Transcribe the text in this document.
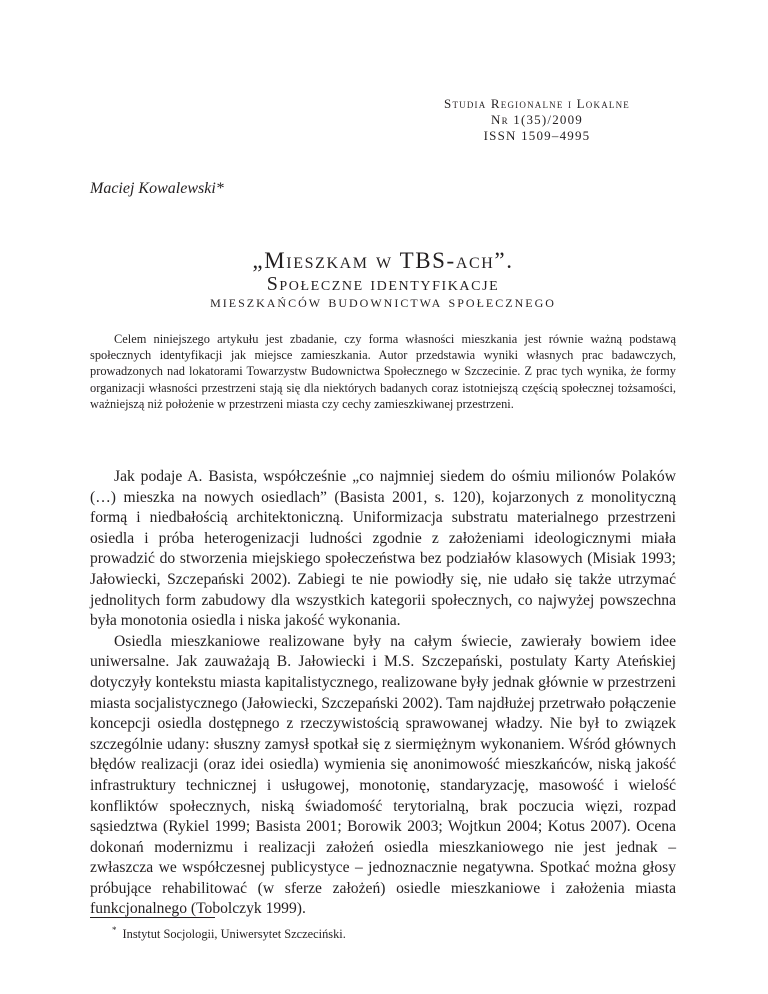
Studia Regionalne i Lokalne
Nr 1(35)/2009
ISSN 1509–4995
Maciej Kowalewski*
„Mieszkam w TBS-ach”.
Społeczne identyfikacje
mieszkańców budownictwa społecznego

Celem niniejszego artykułu jest zbadanie, czy forma własności mieszkania jest równie ważną podstawą społecznych identyfikacji jak miejsce zamieszkania. Autor przedstawia wyniki własnych prac badawczych, prowadzonych nad lokatorami Towarzystw Budownictwa Społecznego w Szczecinie. Z prac tych wynika, że formy organizacji własności przestrzeni stają się dla niektórych badanych coraz istotniejszą częścią społecznej tożsamości, ważniejszą niż położenie w przestrzeni miasta czy cechy zamieszkiwanej przestrzeni.

Jak podaje A. Basista, współcześnie „co najmniej siedem do ośmiu milionów Polaków (…) mieszka na nowych osiedlach” (Basista 2001, s. 120), kojarzonych z monolityczną formą i niedbałością architektoniczną. Uniformizacja substratu materialnego przestrzeni osiedla i próba heterogenizacji ludności zgodnie z założeniami ideologicznymi miała prowadzić do stworzenia miejskiego społeczeństwa bez podziałów klasowych (Misiak 1993; Jałowiecki, Szczepański 2002). Zabiegi te nie powiodły się, nie udało się także utrzymać jednolitych form zabudowy dla wszystkich kategorii społecznych, co najwyżej powszechna była monotonia osiedla i niska jakość wykonania.

Osiedla mieszkaniowe realizowane były na całym świecie, zawierały bowiem idee uniwersalne. Jak zauważają B. Jałowiecki i M.S. Szczepański, postulaty Karty Ateńskiej dotyczyły kontekstu miasta kapitalistycznego, realizowane były jednak głównie w przestrzeni miasta socjalistycznego (Jałowiecki, Szczepański 2002). Tam najdłużej przetrwało połączenie koncepcji osiedla dostępnego z rzeczywistością sprawowanej władzy. Nie był to związek szczególnie udany: słuszny zamysł spotkał się z siermiężnym wykonaniem. Wśród głównych błędów realizacji (oraz idei osiedla) wymienia się anonimowość mieszkańców, niską jakość infrastruktury technicznej i usługowej, monotonię, standaryzację, masowość i wielość konfliktów społecznych, niską świadomość terytorialną, brak poczucia więzi, rozpad sąsiedztwa (Rykiel 1999; Basista 2001; Borowik 2003; Wojtkun 2004; Kotus 2007). Ocena dokonań modernizmu i realizacji założeń osiedla mieszkaniowego nie jest jednak – zwłaszcza we współczesnej publicystyce – jednoznacznie negatywna. Spotkać można głosy próbujące rehabilitować (w sferze założeń) osiedle mieszkaniowe i założenia miasta funkcjonalnego (Tobolczyk 1999).

* Instytut Socjologii, Uniwersytet Szczeciński.
